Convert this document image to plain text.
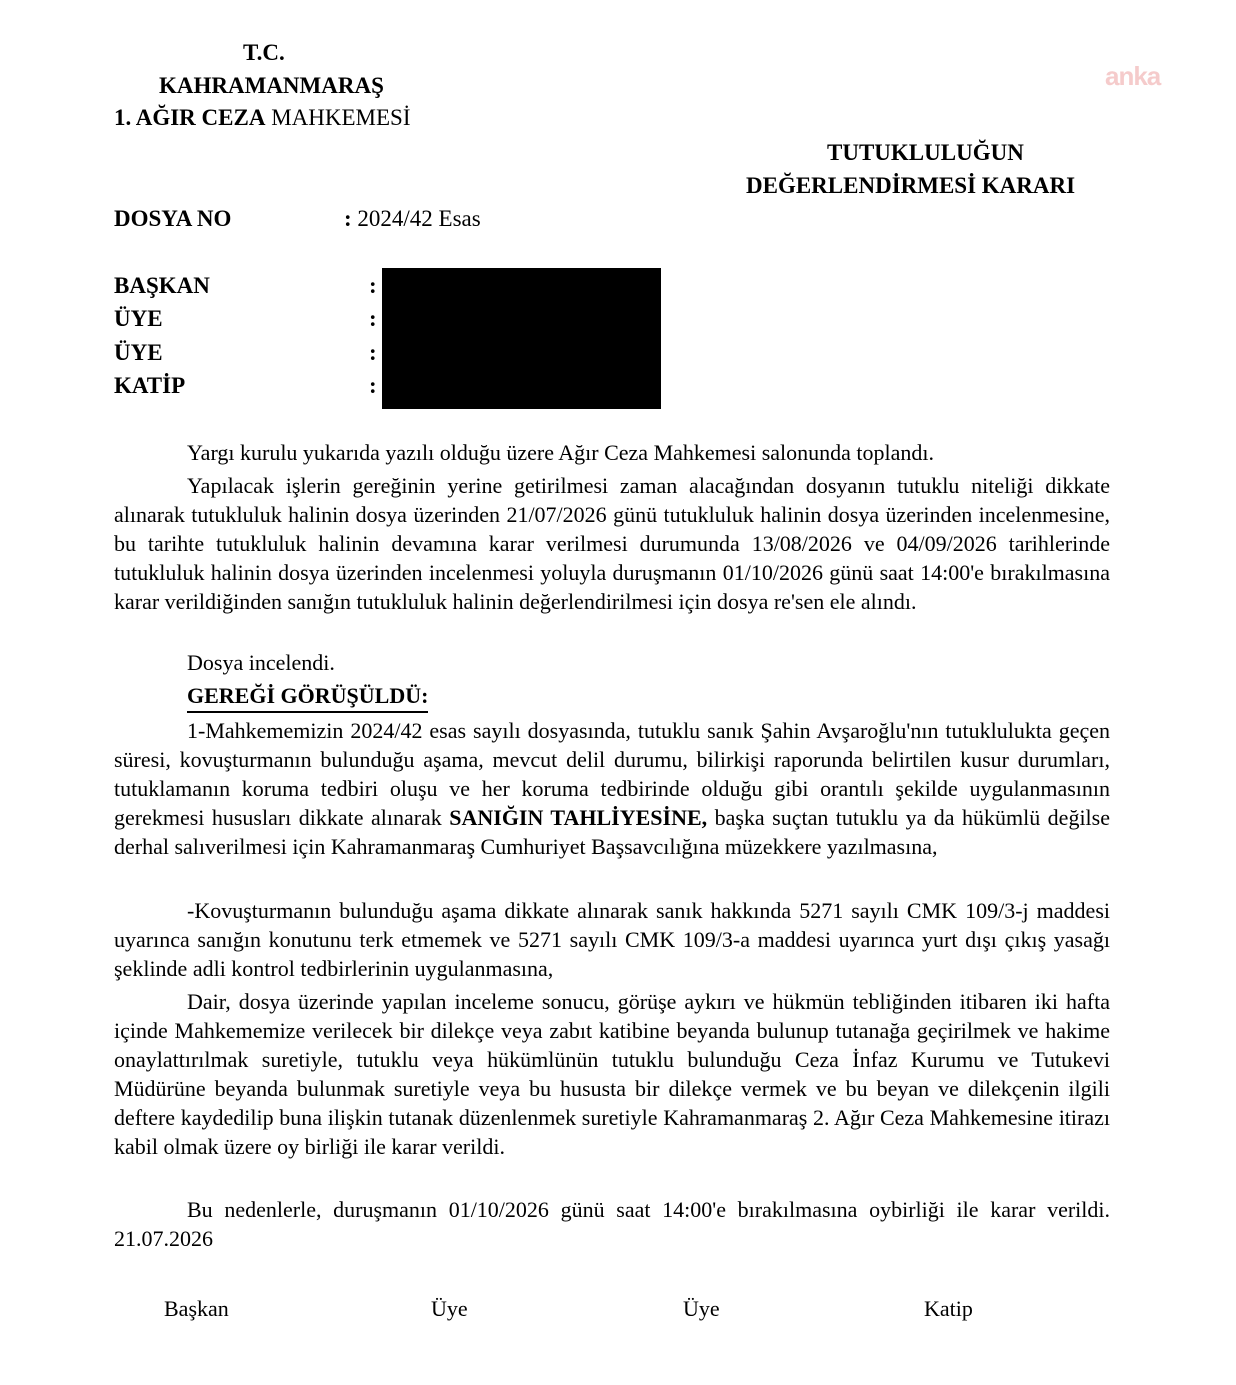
T.C.
KAHRAMANMARAŞ
1. AĞIR CEZA MAHKEMESİ
anka
TUTUKLULUĞUN
DEĞERLENDİRMESİ KARARI
DOSYA NO	: 2024/42 Esas
BAŞKAN	:
ÜYE	:
ÜYE	:
KATİP	:

Yargı kurulu yukarıda yazılı olduğu üzere Ağır Ceza Mahkemesi salonunda toplandı.

Yapılacak işlerin gereğinin yerine getirilmesi zaman alacağından dosyanın tutuklu niteliği dikkate alınarak tutukluluk halinin dosya üzerinden 21/07/2026 günü tutukluluk halinin dosya üzerinden incelenmesine, bu tarihte tutukluluk halinin devamına karar verilmesi durumunda 13/08/2026 ve 04/09/2026 tarihlerinde tutukluluk halinin dosya üzerinden incelenmesi yoluyla duruşmanın 01/10/2026 günü saat 14:00'e bırakılmasına karar verildiğinden sanığın tutukluluk halinin değerlendirilmesi için dosya re'sen ele alındı.

Dosya incelendi.

GEREĞİ GÖRÜŞÜLDÜ:

1-Mahkememizin 2024/42 esas sayılı dosyasında, tutuklu sanık Şahin Avşaroğlu'nın tutuklulukta geçen süresi, kovuşturmanın bulunduğu aşama, mevcut delil durumu, bilirkişi raporunda belirtilen kusur durumları, tutuklamanın koruma tedbiri oluşu ve her koruma tedbirinde olduğu gibi orantılı şekilde uygulanmasının gerekmesi hususları dikkate alınarak SANIĞIN TAHLİYESİNE, başka suçtan tutuklu ya da hükümlü değilse derhal salıverilmesi için Kahramanmaraş Cumhuriyet Başsavcılığına müzekkere yazılmasına,

-Kovuşturmanın bulunduğu aşama dikkate alınarak sanık hakkında 5271 sayılı CMK 109/3-j maddesi uyarınca sanığın konutunu terk etmemek ve 5271 sayılı CMK 109/3-a maddesi uyarınca yurt dışı çıkış yasağı şeklinde adli kontrol tedbirlerinin uygulanmasına,

Dair, dosya üzerinde yapılan inceleme sonucu, görüşe aykırı ve hükmün tebliğinden itibaren iki hafta içinde Mahkememize verilecek bir dilekçe veya zabıt katibine beyanda bulunup tutanağa geçirilmek ve hakime onaylattırılmak suretiyle, tutuklu veya hükümlünün tutuklu bulunduğu Ceza İnfaz Kurumu ve Tutukevi Müdürüne beyanda bulunmak suretiyle veya bu hususta bir dilekçe vermek ve bu beyan ve dilekçenin ilgili deftere kaydedilip buna ilişkin tutanak düzenlenmek suretiyle Kahramanmaraş 2. Ağır Ceza Mahkemesine itirazı kabil olmak üzere oy birliği ile karar verildi.

Bu nedenlerle, duruşmanın 01/10/2026 günü saat 14:00'e bırakılmasına oybirliği ile karar verildi. 21.07.2026

Başkan	Üye	Üye	Katip
